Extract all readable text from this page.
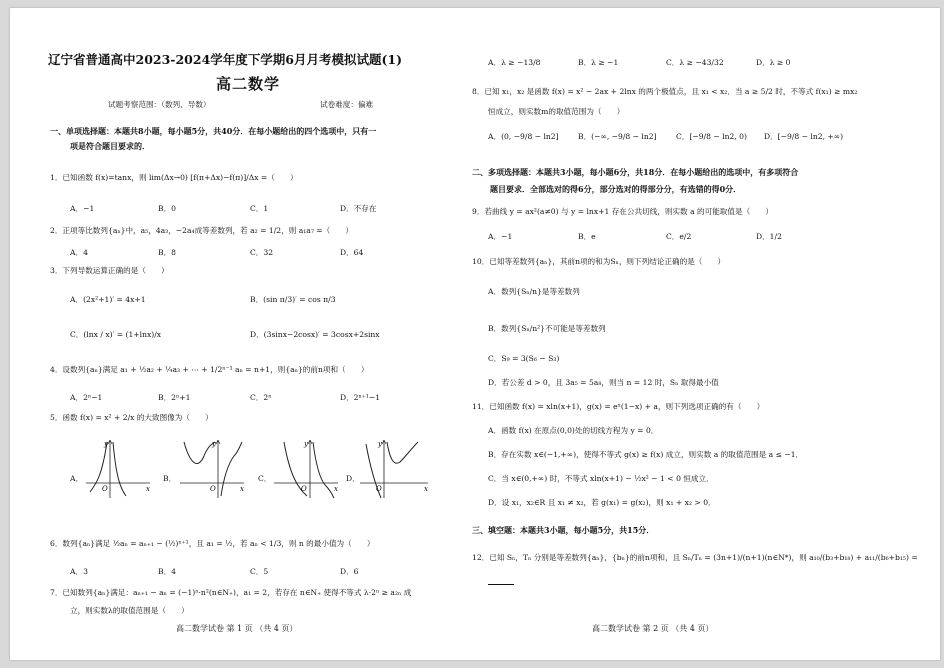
辽宁省普通高中2023-2024学年度下学期6月月考模拟试题(1)
高二数学
试题考察范围：（数列、导数）	试卷难度：偏难
一、单项选择题：本题共8小题，每小题5分，共40分．在每小题给出的四个选项中，只有一
项是符合题目要求的．
1．已知函数 f(x)=tanx，则 lim(Δx→0) [f(π+Δx)−f(π)]/Δx =（　　）
A．−1	B．0	C．1	D．不存在
2．正项等比数列{aₙ}中，a₅，4a₃，−2a₄成等差数列，若 a₂ = 1/2，则 a₁a₇ =（　　）
A．4	B．8	C．32	D．64
3．下列导数运算正确的是（　　）
A．(2x²+1)′ = 4x+1	B．(sin π/3)′ = cos π/3
C．(lnx / x)′ = (1+lnx)/x	D．(3sinx−2cosx)′ = 3cosx+2sinx
4．设数列{aₙ}满足 a₁ + ½a₂ + ¼a₃ + ⋯ + 1/2ⁿ⁻¹ aₙ = n+1，则{aₙ}的前n项和（　　）
A．2ⁿ−1	B．2ⁿ+1	C．2ⁿ	D．2ⁿ⁺¹−1
5．函数 f(x) = x² + 2/x 的大致图像为（　　）
A．
y
x
O
B．
y
x
O
C．
y
x
O
D．
y
x
O
6．数列{aₙ}满足 ½aₙ = aₙ₊₁ − (½)ⁿ⁺¹，且 a₁ = ½，若 aₙ < 1/3，则 n 的最小值为（　　）
A．3	B．4	C．5	D．6
7．已知数列{aₙ}满足：aₙ₊₁ − aₙ = (−1)ⁿ·n²(n∈N₊)，a₁ = 2，若存在 n∈N₊ 使得不等式 λ·2ⁿ ≥ a₂ₙ 成
立，则实数λ的取值范围是（　　）
高二数学试卷 第 1 页 （共 4 页）
A．λ ≥ −13/8	B．λ ≥ −1	C．λ ≥ −43/32	D．λ ≥ 0
8．已知 x₁，x₂ 是函数 f(x) = x² − 2ax + 2lnx 的两个极值点，且 x₁ < x₂．当 a ≥ 5/2 时，不等式 f(x₁) ≥ mx₂
恒成立，则实数m的取值范围为（　　）
A．(0, −9/8 − ln2]	B．(−∞, −9/8 − ln2]	C．[−9/8 − ln2, 0) D．[−9/8 − ln2, +∞)
二、多项选择题：本题共3小题，每小题6分，共18分．在每小题给出的选项中，有多项符合
题目要求．全部选对的得6分，部分选对的得部分分，有选错的得0分．
9．若曲线 y = ax²(a≠0) 与 y = lnx+1 存在公共切线，则实数 a 的可能取值是（　　）
A．−1	B．e	C．e/2	D．1/2
10．已知等差数列{aₙ}，其前n项的和为Sₙ，则下列结论正确的是（　　）
A．数列{Sₙ/n}是等差数列
B．数列{Sₙ/n²}不可能是等差数列
C．S₉ = 3(S₆ − S₃)
D．若公差 d > 0，且 3a₅ = 5a₈，则当 n = 12 时，Sₙ 取得最小值
11．已知函数 f(x) = xln(x+1)，g(x) = eˣ(1−x) + a，则下列选项正确的有（　　）
A．函数 f(x) 在原点(0,0)处的切线方程为 y = 0．
B．存在实数 x∈(−1,+∞)，使得不等式 g(x) ≥ f(x) 成立，则实数 a 的取值范围是 a ≤ −1．
C．当 x∈(0,+∞) 时，不等式 xln(x+1) − ½x² − 1 < 0 恒成立．
D．设 x₁，x₂∈R 且 x₁ ≠ x₂，若 g(x₁) = g(x₂)，则 x₁ + x₂ > 0．
三、填空题：本题共3小题，每小题5分，共15分．
12．已知 Sₙ，Tₙ 分别是等差数列{aₙ}，{bₙ}的前n项和，且 Sₙ/Tₙ = (3n+1)/(n+1)(n∈N*)，则 a₁₀/(b₃+b₁₈) + a₁₁/(b₆+b₁₅) =
高二数学试卷 第 2 页 （共 4 页）
